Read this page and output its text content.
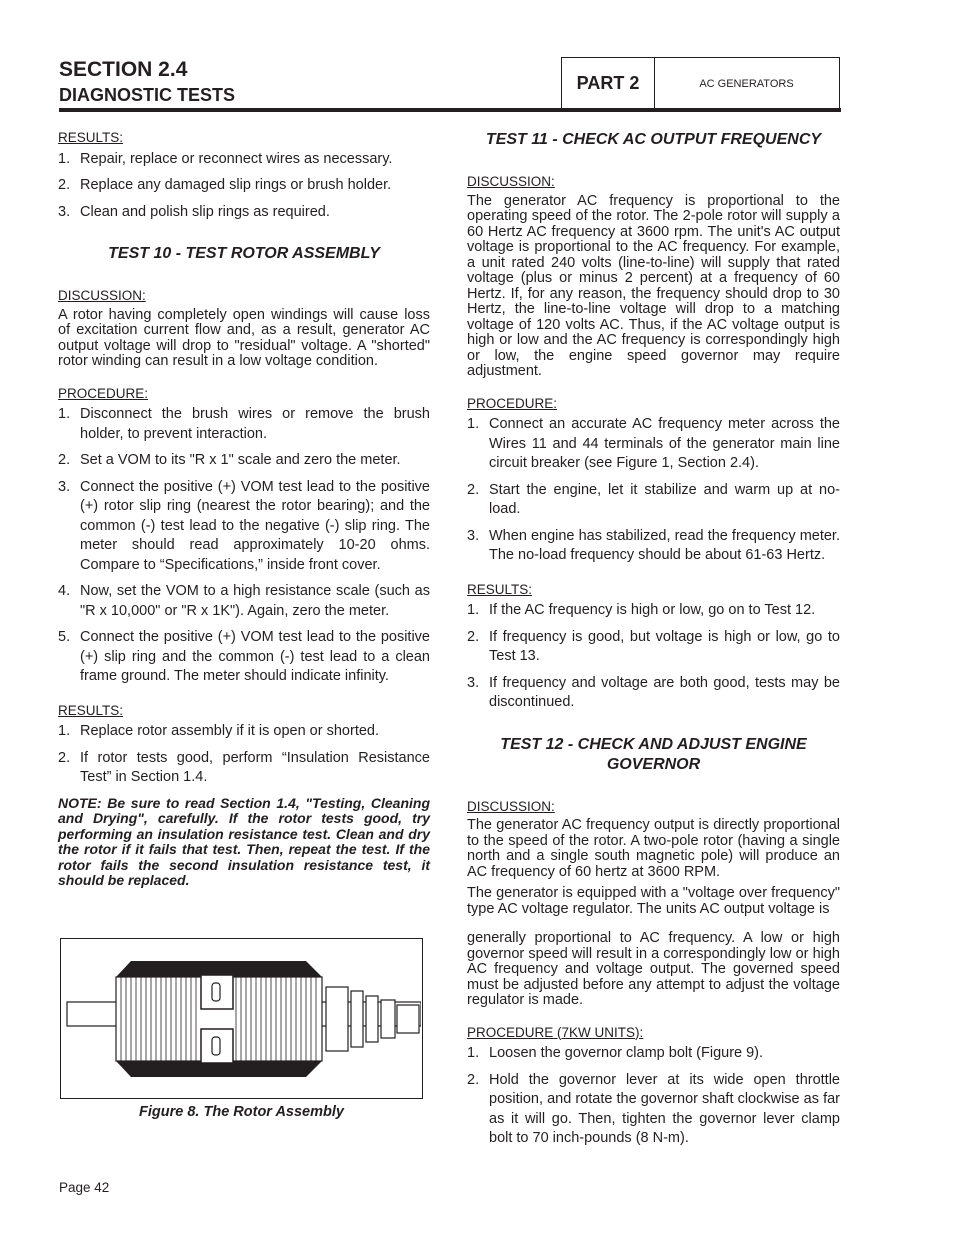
SECTION 2.4
DIAGNOSTIC TESTS
PART 2	AC GENERATORS
RESULTS:
1. Repair, replace or reconnect wires as necessary.
2. Replace any damaged slip rings or brush holder.
3. Clean and polish slip rings as required.
TEST 10 - TEST ROTOR ASSEMBLY
DISCUSSION:

A rotor having completely open windings will cause loss of excitation current flow and, as a result, generator AC output voltage will drop to "residual" voltage. A "shorted" rotor winding can result in a low voltage condition.

PROCEDURE:
1. Disconnect the brush wires or remove the brush holder, to prevent interaction.
2. Set a VOM to its "R x 1" scale and zero the meter.
3. Connect the positive (+) VOM test lead to the positive (+) rotor slip ring (nearest the rotor bearing); and the common (-) test lead to the negative (-) slip ring. The meter should read approximately 10-20 ohms. Compare to “Specifications,” inside front cover.
4. Now, set the VOM to a high resistance scale (such as "R x 10,000" or "R x 1K"). Again, zero the meter.
5. Connect the positive (+) VOM test lead to the positive (+) slip ring and the common (-) test lead to a clean frame ground. The meter should indicate infinity.
RESULTS:
1. Replace rotor assembly if it is open or shorted.
2. If rotor tests good, perform “Insulation Resistance Test” in Section 1.4.

NOTE: Be sure to read Section 1.4, "Testing, Cleaning and Drying", carefully. If the rotor tests good, try performing an insulation resistance test. Clean and dry the rotor if it fails that test. Then, repeat the test. If the rotor fails the second insulation resistance test, it should be replaced.

Figure 8. The Rotor Assembly
TEST 11 - CHECK AC OUTPUT FREQUENCY
DISCUSSION:

The generator AC frequency is proportional to the operating speed of the rotor. The 2-pole rotor will supply a 60 Hertz AC frequency at 3600 rpm. The unit's AC output voltage is proportional to the AC frequency. For example, a unit rated 240 volts (line-to-line) will supply that rated voltage (plus or minus 2 percent) at a frequency of 60 Hertz. If, for any reason, the frequency should drop to 30 Hertz, the line-to-line voltage will drop to a matching voltage of 120 volts AC. Thus, if the AC voltage output is high or low and the AC frequency is correspondingly high or low, the engine speed governor may require adjustment.

PROCEDURE:
1. Connect an accurate AC frequency meter across the Wires 11 and 44 terminals of the generator main line circuit breaker (see Figure 1, Section 2.4).
2. Start the engine, let it stabilize and warm up at no-load.
3. When engine has stabilized, read the frequency meter. The no-load frequency should be about 61-63 Hertz.
RESULTS:
1. If the AC frequency is high or low, go on to Test 12.
2. If frequency is good, but voltage is high or low, go to Test 13.
3. If frequency and voltage are both good, tests may be discontinued.
TEST 12 - CHECK AND ADJUST ENGINE
GOVERNOR
DISCUSSION:

The generator AC frequency output is directly proportional to the speed of the rotor. A two-pole rotor (having a single north and a single south magnetic pole) will produce an AC frequency of 60 hertz at 3600 RPM.

The generator is equipped with a "voltage over frequency" type AC voltage regulator. The units AC output voltage is

generally proportional to AC frequency. A low or high governor speed will result in a correspondingly low or high AC frequency and voltage output. The governed speed must be adjusted before any attempt to adjust the voltage regulator is made.

PROCEDURE (7KW UNITS):
1. Loosen the governor clamp bolt (Figure 9).
2. Hold the governor lever at its wide open throttle position, and rotate the governor shaft clockwise as far as it will go. Then, tighten the governor lever clamp bolt to 70 inch-pounds (8 N-m).
Page 42
